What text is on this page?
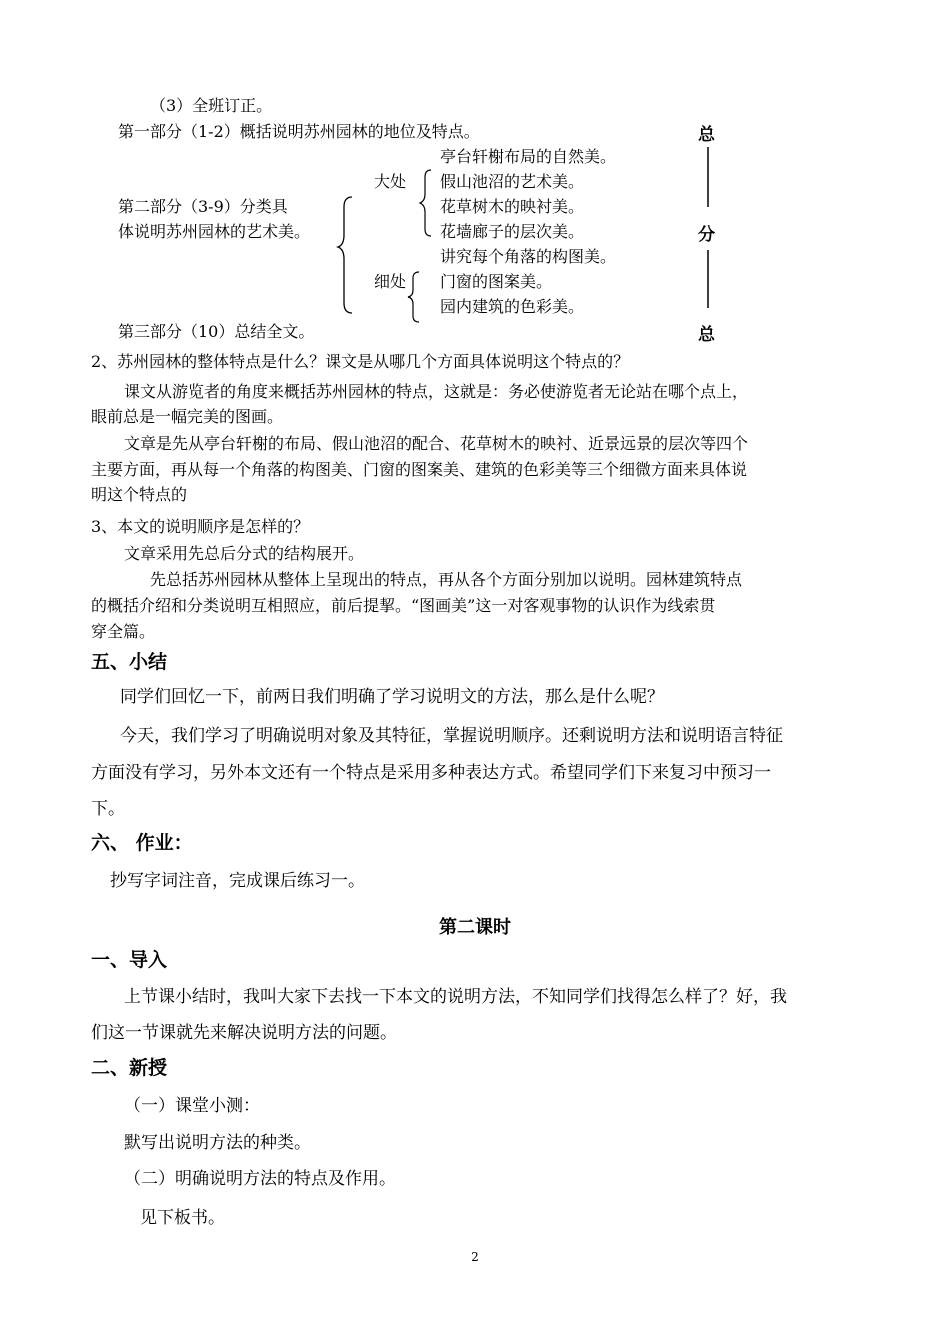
（3）全班订正。
第一部分（1-2）概括说明苏州园林的地位及特点。
亭台轩榭布局的自然美。
大处 假山池沼的艺术美。
第二部分（3-9）分类具	花草树木的映衬美。
体说明苏州园林的艺术美。	花墙廊子的层次美。
讲究每个角落的构图美。
细处 门窗的图案美。
园内建筑的色彩美。
第三部分（10）总结全文。
总
分
总
2、苏州园林的整体特点是什么？课文是从哪几个方面具体说明这个特点的？
课文从游览者的角度来概括苏州园林的特点，这就是：务必使游览者无论站在哪个点上，
眼前总是一幅完美的图画。
文章是先从亭台轩榭的布局、假山池沼的配合、花草树木的映衬、近景远景的层次等四个
主要方面，再从每一个角落的构图美、门窗的图案美、建筑的色彩美等三个细微方面来具体说
明这个特点的
3、本文的说明顺序是怎样的？
文章采用先总后分式的结构展开。
先总括苏州园林从整体上呈现出的特点，再从各个方面分别加以说明。园林建筑特点
的概括介绍和分类说明互相照应，前后提挈。“图画美”这一对客观事物的认识作为线索贯
穿全篇。
五、小结
同学们回忆一下，前两日我们明确了学习说明文的方法，那么是什么呢？
今天，我们学习了明确说明对象及其特征，掌握说明顺序。还剩说明方法和说明语言特征
方面没有学习，另外本文还有一个特点是采用多种表达方式。希望同学们下来复习中预习一
下。
六、 作业：
抄写字词注音，完成课后练习一。
第二课时
一、导入
上节课小结时，我叫大家下去找一下本文的说明方法，不知同学们找得怎么样了？好，我
们这一节课就先来解决说明方法的问题。
二、新授
（一）课堂小测：
默写出说明方法的种类。
（二）明确说明方法的特点及作用。
见下板书。
2
